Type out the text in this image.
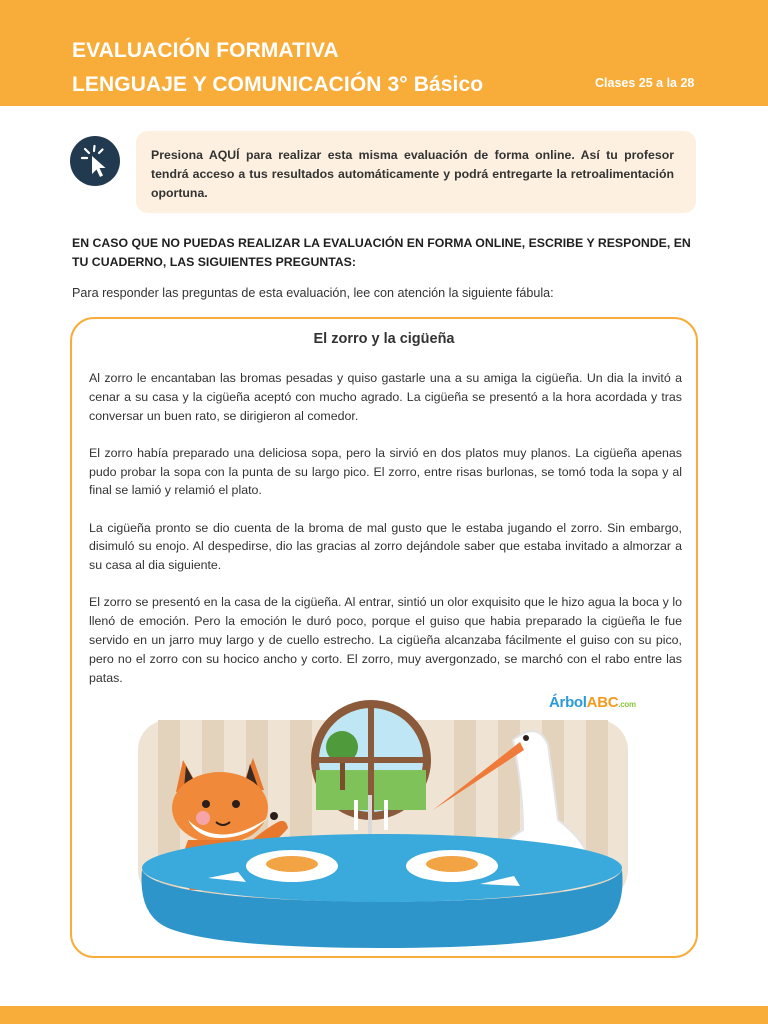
EVALUACIÓN FORMATIVA
LENGUAJE Y COMUNICACIÓN 3° Básico	Clases 25 a la 28

Presiona AQUÍ para realizar esta misma evaluación de forma online. Así tu profesor tendrá acceso a tus resultados automáticamente y podrá entregarte la retroalimentación oportuna.

EN CASO QUE NO PUEDAS REALIZAR LA EVALUACIÓN EN FORMA ONLINE, ESCRIBE Y RESPONDE, EN TU CUADERNO, LAS SIGUIENTES PREGUNTAS:
Para responder las preguntas de esta evaluación, lee con atención la siguiente fábula:
El zorro y la cigüeña

Al zorro le encantaban las bromas pesadas y quiso gastarle una a su amiga la cigüeña. Un dia la invitó a cenar a su casa y la cigüeña aceptó con mucho agrado. La cigüeña se presentó a la hora acordada y tras conversar un buen rato, se dirigieron al comedor.

El zorro había preparado una deliciosa sopa, pero la sirvió en dos platos muy planos. La cigüeña apenas pudo probar la sopa con la punta de su largo pico. El zorro, entre risas burlonas, se tomó toda la sopa y al final se lamió y relamió el plato.

La cigüeña pronto se dio cuenta de la broma de mal gusto que le estaba jugando el zorro. Sin embargo, disimuló su enojo. Al despedirse, dio las gracias al zorro dejándole saber que estaba invitado a almorzar a su casa al dia siguiente.

El zorro se presentó en la casa de la cigüeña. Al entrar, sintió un olor exquisito que le hizo agua la boca y lo llenó de emoción. Pero la emoción le duró poco, porque el guiso que habia preparado la cigüeña le fue servido en un jarro muy largo y de cuello estrecho. La cigüeña alcanzaba fácilmente el guiso con su pico, pero no el zorro con su hocico ancho y corto. El zorro, muy avergonzado, se marchó con el rabo entre las patas.

ÁrbolABC.com
